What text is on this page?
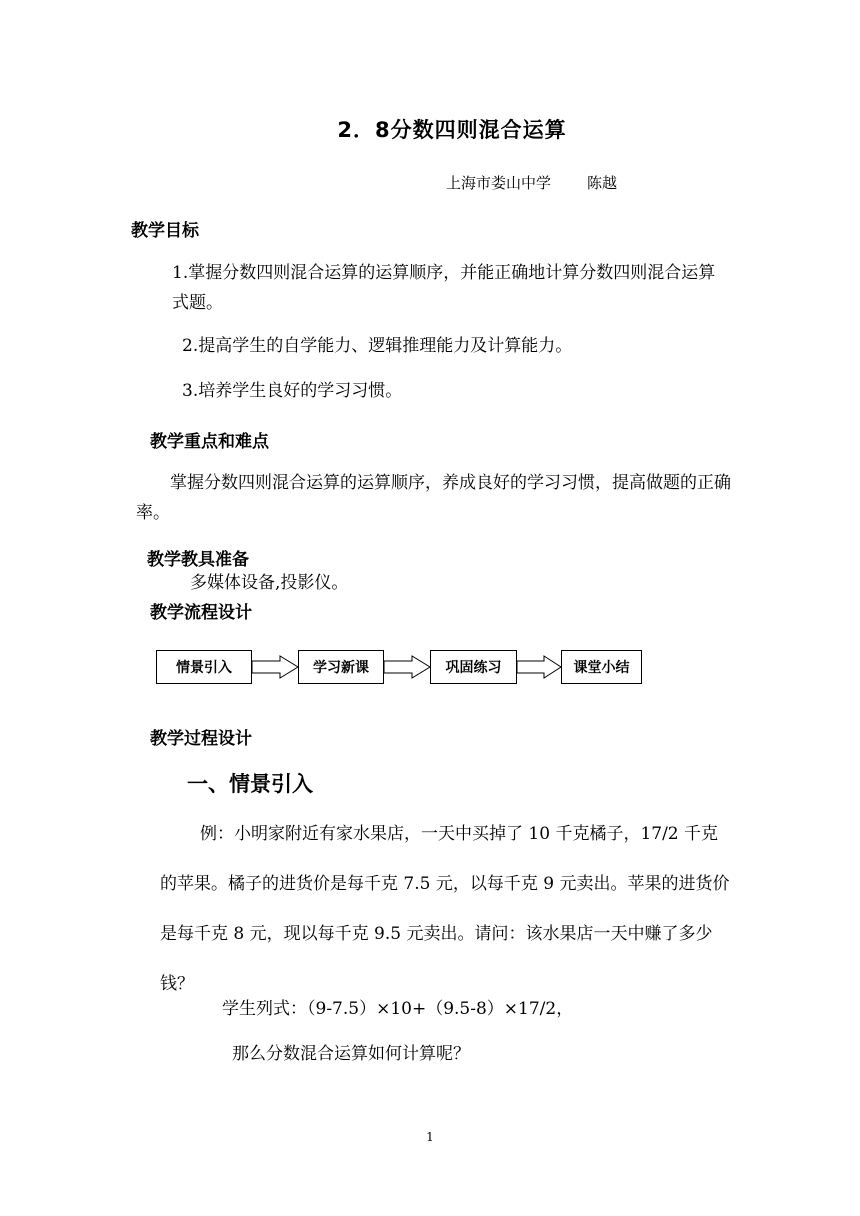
2．8分数四则混合运算
上海市娄山中学 陈越
教学目标
1.掌握分数四则混合运算的运算顺序，并能正确地计算分数四则混合运算式题。
2.提高学生的自学能力、逻辑推理能力及计算能力。
3.培养学生良好的学习习惯。
教学重点和难点
掌握分数四则混合运算的运算顺序，养成良好的学习习惯，提高做题的正确率。
教学教具准备
多媒体设备,投影仪。
教学流程设计
情景引入	学习新课	巩固练习	课堂小结
教学过程设计
一、情景引入
例：小明家附近有家水果店，一天中买掉了 10 千克橘子，17/2 千克的苹果。橘子的进货价是每千克 7.5 元，以每千克 9 元卖出。苹果的进货价是每千克 8 元，现以每千克 9.5 元卖出。请问：该水果店一天中赚了多少钱？
学生列式：（9-7.5）×10+（9.5-8）×17/2，
那么分数混合运算如何计算呢？
1
